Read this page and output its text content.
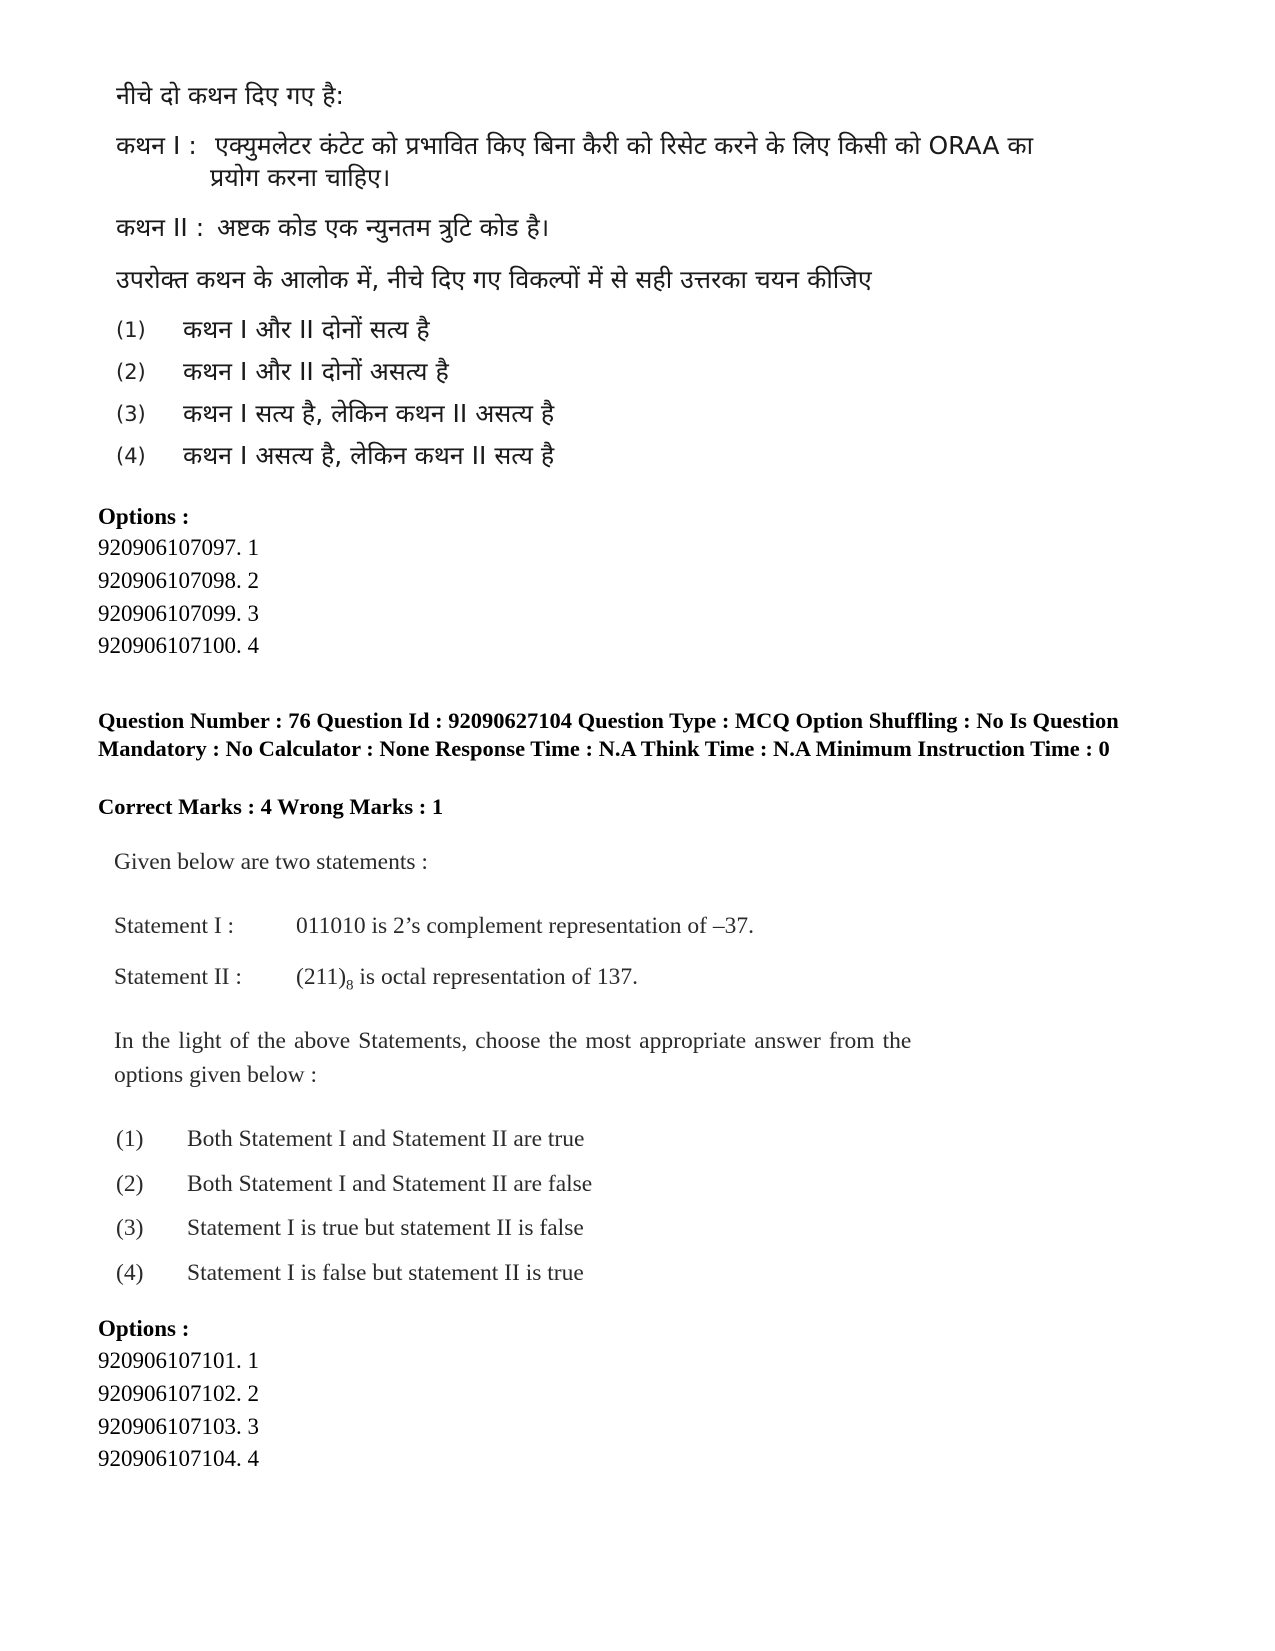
नीचे दो कथन दिए गए है:
कथन I : एक्युमलेटर कंटेट को प्रभावित किए बिना कैरी को रिसेट करने के लिए किसी को ORAA का
प्रयोग करना चाहिए।
कथन II : अष्टक कोड एक न्युनतम त्रुटि कोड है।
उपरोक्त कथन के आलोक में, नीचे दिए गए विकल्पों में से सही उत्तरका चयन कीजिए
(1) कथन I और II दोनों सत्य है
(2) कथन I और II दोनों असत्य है
(3) कथन I सत्य है, लेकिन कथन II असत्य है
(4) कथन I असत्य है, लेकिन कथन II सत्य है
Options :
920906107097. 1
920906107098. 2
920906107099. 3
920906107100. 4
Question Number : 76 Question Id : 92090627104 Question Type : MCQ Option Shuffling : No Is Question Mandatory : No Calculator : None Response Time : N.A Think Time : N.A Minimum Instruction Time : 0
Correct Marks : 4 Wrong Marks : 1
Given below are two statements :
Statement I :	011010 is 2’s complement representation of –37.
Statement II : $(211)_8$ is octal representation of 137.
In the light of the above Statements, choose the most appropriate answer from the
options given below :
(1) Both Statement I and Statement II are true
(2) Both Statement I and Statement II are false
(3) Statement I is true but statement II is false
(4) Statement I is false but statement II is true
Options :
920906107101. 1
920906107102. 2
920906107103. 3
920906107104. 4
